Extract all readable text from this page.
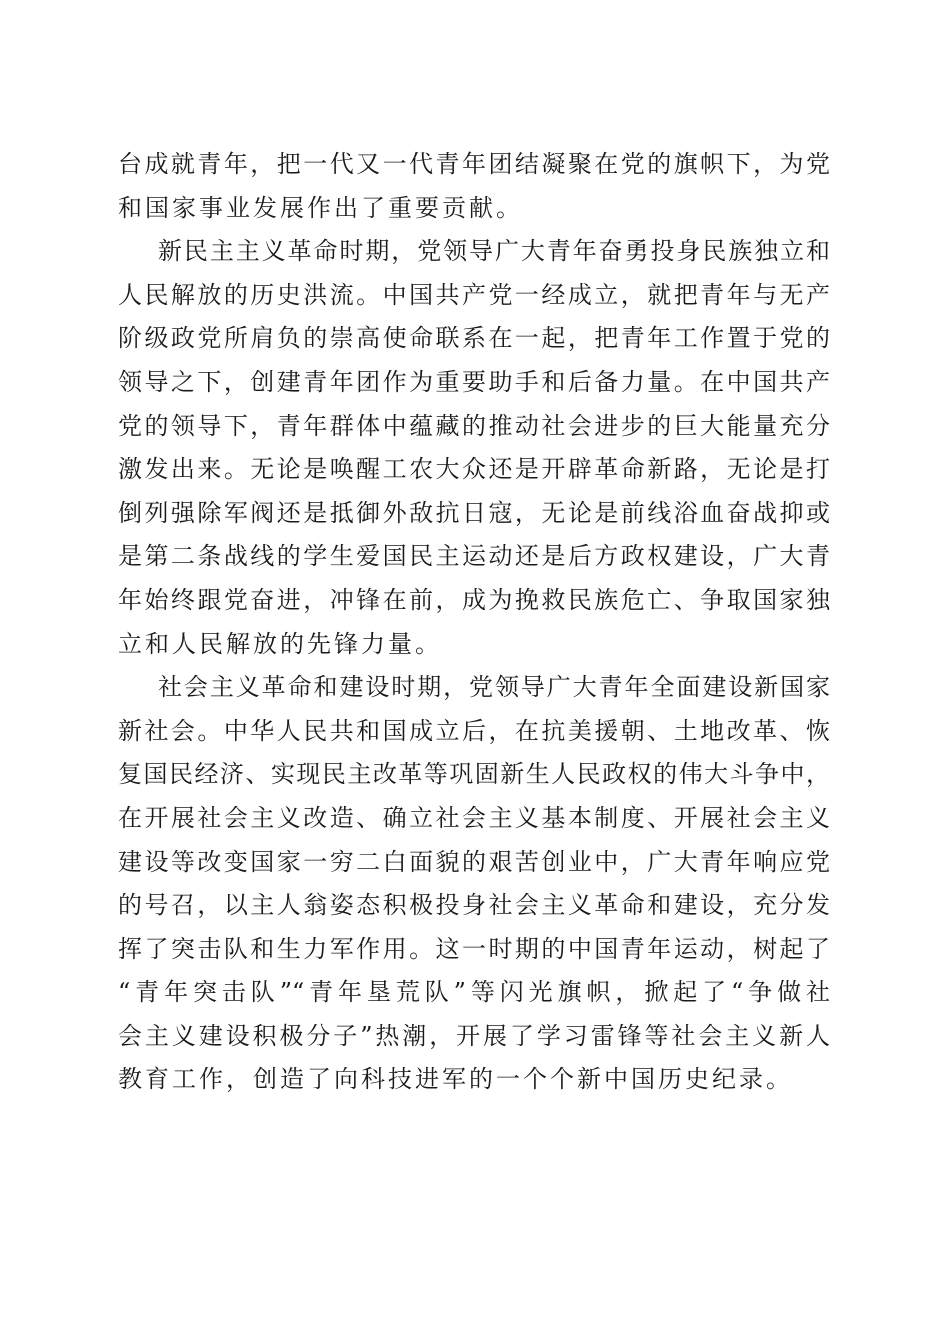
台成就青年，把一代又一代青年团结凝聚在党的旗帜下，为党
和国家事业发展作出了重要贡献。
新民主主义革命时期，党领导广大青年奋勇投身民族独立和
人民解放的历史洪流。中国共产党一经成立，就把青年与无产
阶级政党所肩负的崇高使命联系在一起，把青年工作置于党的
领导之下，创建青年团作为重要助手和后备力量。在中国共产
党的领导下，青年群体中蕴藏的推动社会进步的巨大能量充分
激发出来。无论是唤醒工农大众还是开辟革命新路，无论是打
倒列强除军阀还是抵御外敌抗日寇，无论是前线浴血奋战抑或
是第二条战线的学生爱国民主运动还是后方政权建设，广大青
年始终跟党奋进，冲锋在前，成为挽救民族危亡、争取国家独
立和人民解放的先锋力量。
社会主义革命和建设时期，党领导广大青年全面建设新国家
新社会。中华人民共和国成立后，在抗美援朝、土地改革、恢
复国民经济、实现民主改革等巩固新生人民政权的伟大斗争中，
在开展社会主义改造、确立社会主义基本制度、开展社会主义
建设等改变国家一穷二白面貌的艰苦创业中，广大青年响应党
的号召，以主人翁姿态积极投身社会主义革命和建设，充分发
挥了突击队和生力军作用。这一时期的中国青年运动，树起了
“青年突击队”“青年垦荒队”等闪光旗帜，掀起了“争做社
会主义建设积极分子”热潮，开展了学习雷锋等社会主义新人
教育工作，创造了向科技进军的一个个新中国历史纪录。
